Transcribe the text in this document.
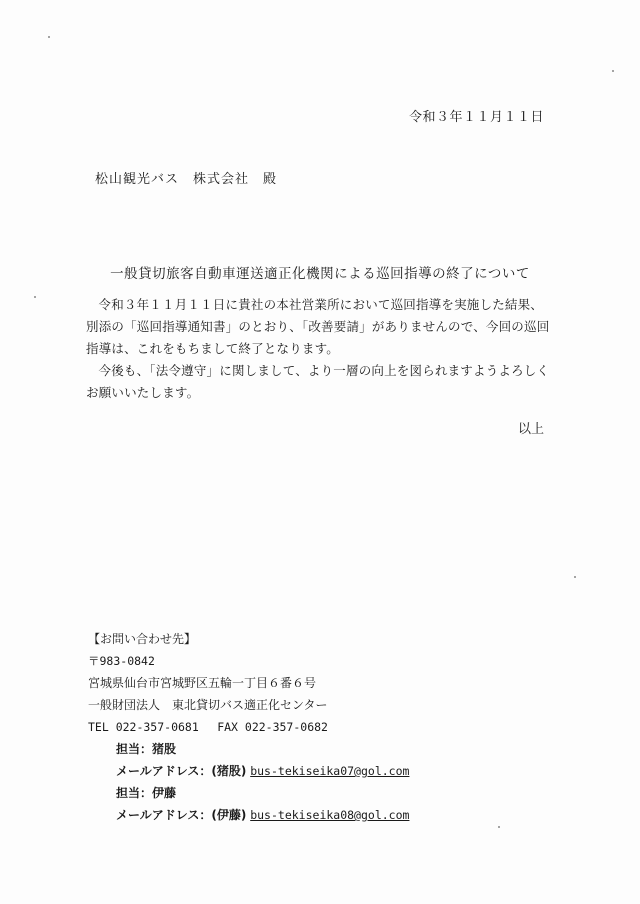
令和３年１１月１１日
松山観光バス　株式会社　殿
一般貸切旅客自動車運送適正化機関による巡回指導の終了について

令和３年１１月１１日に貴社の本社営業所において巡回指導を実施した結果、別添の「巡回指導通知書」のとおり、「改善要請」がありませんので、今回の巡回指導は、これをもちまして終了となります。

今後も、「法令遵守」に関しまして、より一層の向上を図られますようよろしくお願いいたします。

以上
【お問い合わせ先】
〒983-0842
宮城県仙台市宮城野区五輪一丁目６番６号
一般財団法人　東北貸切バス適正化センター
TEL 022-357-0681　 FAX 022-357-0682
担当：猪股
メールアドレス：(猪股) bus-tekiseika07@gol.com
担当：伊藤
メールアドレス：(伊藤) bus-tekiseika08@gol.com
